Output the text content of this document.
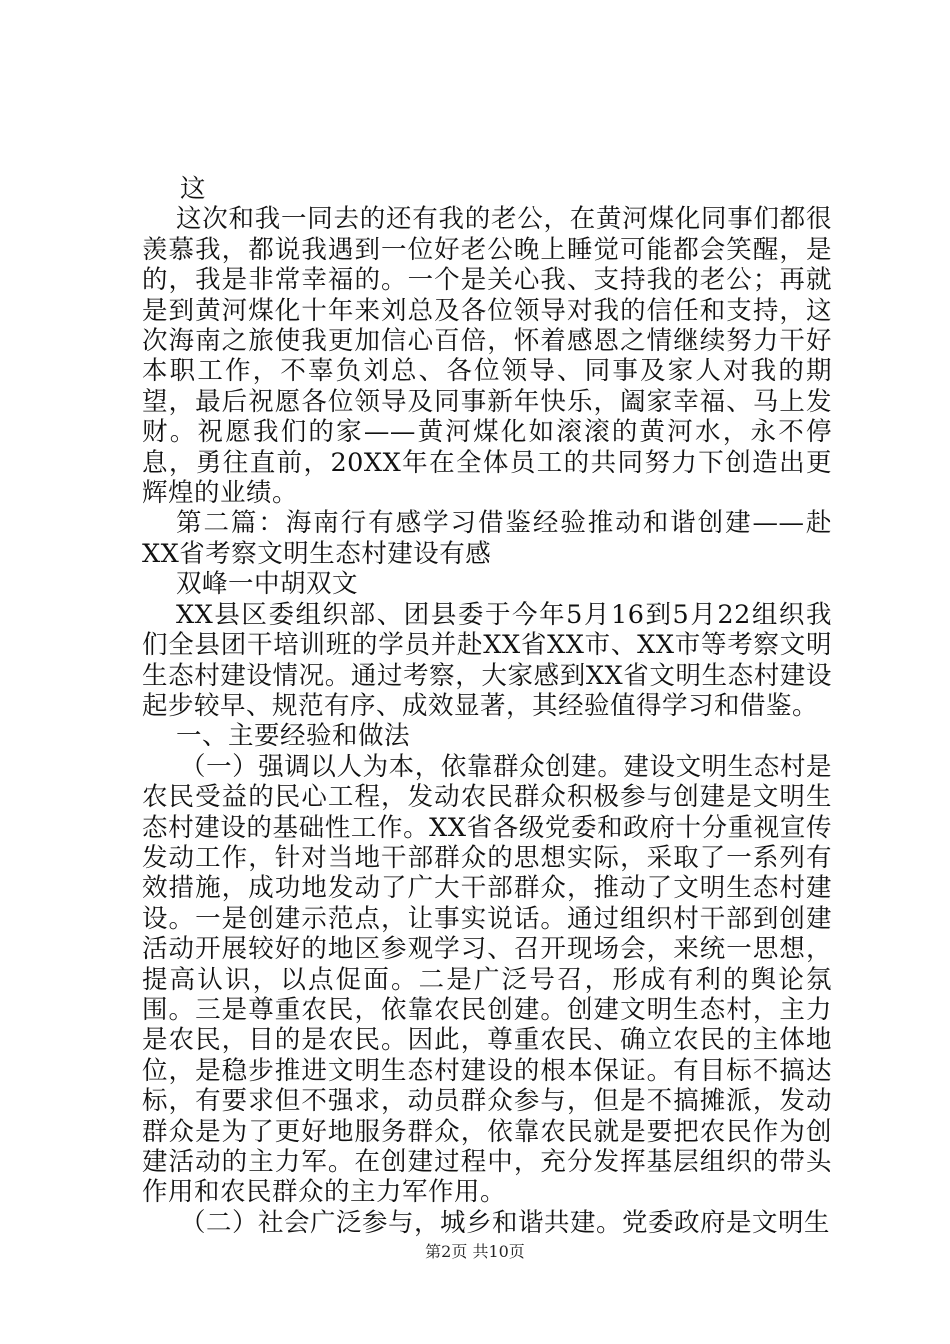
这

这次和我一同去的还有我的老公，在黄河煤化同事们都很羡慕我，都说我遇到一位好老公晚上睡觉可能都会笑醒，是的，我是非常幸福的。一个是关心我、支持我的老公；再就是到黄河煤化十年来刘总及各位领导对我的信任和支持，这次海南之旅使我更加信心百倍，怀着感恩之情继续努力干好本职工作，不辜负刘总、各位领导、同事及家人对我的期望，最后祝愿各位领导及同事新年快乐，阖家幸福、马上发财。祝愿我们的家——黄河煤化如滚滚的黄河水，永不停息，勇往直前，20XX年在全体员工的共同努力下创造出更辉煌的业绩。

第二篇：海南行有感学习借鉴经验推动和谐创建——赴XX省考察文明生态村建设有感

双峰一中胡双文

XX县区委组织部、团县委于今年5月16到5月22组织我们全县团干培训班的学员并赴XX省XX市、XX市等考察文明生态村建设情况。通过考察，大家感到XX省文明生态村建设起步较早、规范有序、成效显著，其经验值得学习和借鉴。

一、主要经验和做法

（一）强调以人为本，依靠群众创建。建设文明生态村是农民受益的民心工程，发动农民群众积极参与创建是文明生态村建设的基础性工作。XX省各级党委和政府十分重视宣传发动工作，针对当地干部群众的思想实际，采取了一系列有效措施，成功地发动了广大干部群众，推动了文明生态村建设。一是创建示范点，让事实说话。通过组织村干部到创建活动开展较好的地区参观学习、召开现场会，来统一思想，提高认识，以点促面。二是广泛号召，形成有利的舆论氛围。三是尊重农民，依靠农民创建。创建文明生态村，主力是农民，目的是农民。因此，尊重农民、确立农民的主体地位，是稳步推进文明生态村建设的根本保证。有目标不搞达标，有要求但不强求，动员群众参与，但是不搞摊派，发动群众是为了更好地服务群众，依靠农民就是要把农民作为创建活动的主力军。在创建过程中，充分发挥基层组织的带头作用和农民群众的主力军作用。

（二）社会广泛参与，城乡和谐共建。党委政府是文明生

第2页 共10页
